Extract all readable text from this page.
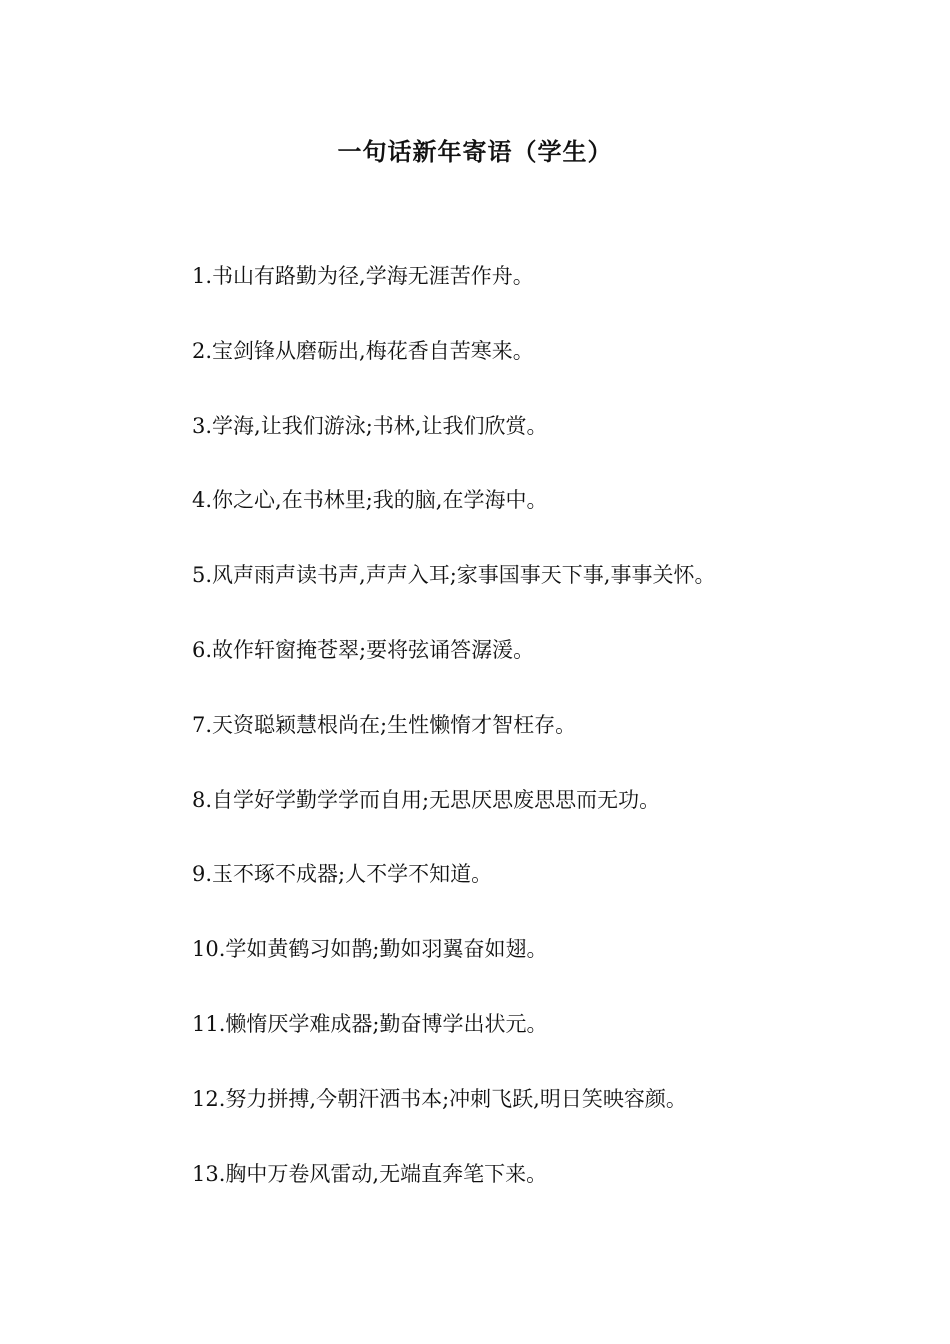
一句话新年寄语（学生）
1.书山有路勤为径,学海无涯苦作舟。
2.宝剑锋从磨砺出,梅花香自苦寒来。
3.学海,让我们游泳;书林,让我们欣赏。
4.你之心,在书林里;我的脑,在学海中。
5.风声雨声读书声,声声入耳;家事国事天下事,事事关怀。
6.故作轩窗掩苍翠;要将弦诵答潺湲。
7.天资聪颖慧根尚在;生性懒惰才智枉存。
8.自学好学勤学学而自用;无思厌思废思思而无功。
9.玉不琢不成器;人不学不知道。
10.学如黄鹤习如鹊;勤如羽翼奋如翅。
11.懒惰厌学难成器;勤奋博学出状元。
12.努力拼搏,今朝汗洒书本;冲刺飞跃,明日笑映容颜。
13.胸中万卷风雷动,无端直奔笔下来。
